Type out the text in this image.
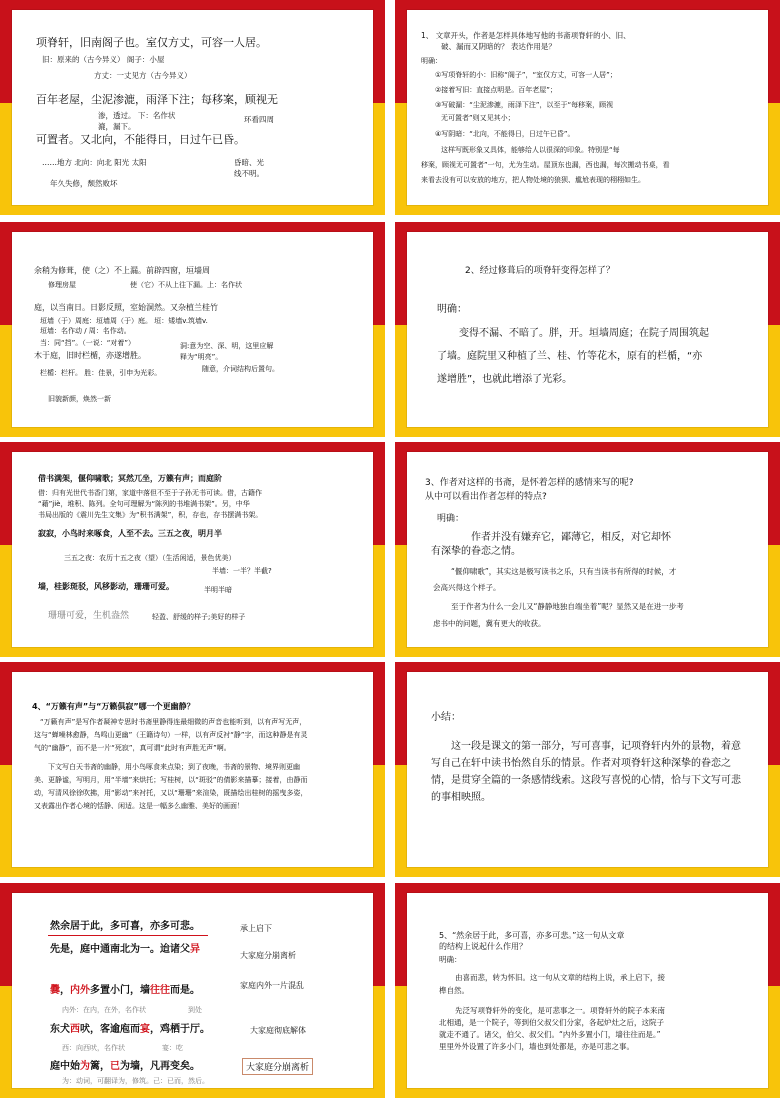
项脊轩，旧南阁子也。室仅方丈，可容一人居。
旧：原来的（古今异义） 阁子：小屋
方丈：一丈见方（古今异义）
百年老屋，尘泥渗漉，雨泽下注；每移案，顾视无
渗，透过。 下：名作状
漉，漏下。
环看四周
可置者。又北向，不能得日，日过午已昏。
……地方 北向：向北 阳光 太阳	昏暗、光
线不明。
年久失修，颓然败坏
1、 文章开头，作者是怎样具体地写他的书斋项脊轩的小、旧、
破、漏而又阴暗的？ 表达作用是？
明确：
①写项脊轩的小：旧称“阁子”，“室仅方丈，可容一人居”；
②接着写旧：直接点明是。百年老屋”；
③写破漏：“尘泥渗漉，雨泽下注”，以至于“每移案，顾视
无可置者”则又见其小；
④写阴暗：“北向，不能得日，日过午已昏”。
这样写既形象又具体，能够给人以很深的印象。特别是“每
移案，顾视无可置者”一句，尤为生动。屋顶东也漏，西也漏，每次搬动书桌，看
来看去没有可以安放的地方，把人物处境的狼狈、尴尬表现的栩栩如生。
余稍为修葺，使（之）不上漏。前辟四窗，垣墙周
修理房屋	使（它）不从上往下漏。上：名作状
庭，以当南日。日影反照，室始洞然。又杂植兰桂竹
垣墙（于）周庭：垣墙周（于）庭。 垣：矮墙v.筑墙v.
垣墙：名作动 / 周：名作动。
当：同“挡”。（一说：“对着”）	洞:意为空、深、明，这里应解
木于庭，旧时栏楯，亦遂增胜。	释为“明亮”。
栏楯：栏杆。 胜：佳景，引申为光彩。	随意，介词结构后置句。
旧貌新颜，焕然一新
2、经过修葺后的项脊轩变得怎样了？
明确：
变得不漏、不暗了。胖，开。垣墙周庭；在院子周围筑起
了墙。庭院里又种植了兰、桂、竹等花木，原有的栏楯，“亦
遂增胜”，也就此增添了光彩。
借书满架，偃仰啸歌；冥然兀坐，万籁有声；而庭阶
借：归有光世代书香门第，家道中落但不至于子孙无书可读。借，古籍作
“藉”jiè，堆积、陈列。全句可理解为“陈列的书堆满书架”。另，中华
书局出版的《震川先生文集》为“积书满架”，积，存也，存书摆满书架。
寂寂，小鸟时来啄食，人至不去。三五之夜，明月半
三五之夜：农历十五之夜（望）（生活闲适，景色优美）
半墙：一半？半截?
墙，桂影斑驳，风移影动，珊珊可爱。	半明半暗
珊珊可爱，生机盎然	轻盈、舒缓的样子;美好的样子
3、作者对这样的书斋，是怀着怎样的感情来写的呢?
从中可以看出作者怎样的特点?
明确：
作者并没有嫌弃它，鄙薄它，相反，对它却怀
有深挚的眷恋之情。
“偃仰啸歌”，其实这是极写读书之乐，只有当读书有所得的时候，才
会高兴得这个样子。
至于作者为什么一会儿又“静静地独自端坐着”呢？显然又是在进一步考
虑书中的问题，冀有更大的收获。
4、“万籁有声”与“万籁俱寂”哪一个更幽静？
“万籁有声”是写作者凝神专思时书斋里静得连最细微的声音也能听到，以有声写无声，
这与“蝉噪林愈静，鸟鸣山更幽”（王籍诗句）一样，以有声反衬“静”字，而这种静是有灵
气的“幽静”，而不是一片“死寂”，真可谓“此时有声胜无声”啊。
下文写白天书斋的幽静，用小鸟啄食来点染；到了夜晚，书斋的景物、境界则更幽
美、更静谧，写明月，用“半墙”来烘托；写桂树，以“斑驳”的倩影来描摹；接着，由静而
动，写清风徐徐吹拂，用“影动”来衬托，又以“珊珊”来渲染，既描绘出桂树的摇曳多姿，
又表露出作者心境的恬静、闲适。这是一幅多么幽雅、美好的画面！
小结：
这一段是课文的第一部分，写可喜事，记项脊轩内外的景物，着意写自己在轩中读书怡然自乐的情景。作者对项脊轩这种深挚的眷恋之情，是贯穿全篇的一条感情线索。这段写喜悦的心情，恰与下文写可悲的事相映照。
然余居于此，多可喜，亦多可悲。	承上启下
先是，庭中通南北为一。迨诸父异
大家庭分崩离析
爨，内外多置小门，墙往往而是。	家庭内外一片混乱
内外：在内，在外，名作状	到处
东犬西吠，客逾庖而宴，鸡栖于厅。	大家庭彻底解体
西：向西吠，名作状	宴：吃
庭中始为篱，已为墙，凡再变矣。	大家庭分崩离析
为：动词，可翻译为，修筑。己：已而，然后。
5、“然余居于此，多可喜，亦多可悲。”这一句从文章
的结构上说起什么作用？
明确：
由喜而悲，转为怀旧。这一句从文章的结构上说，承上启下，接
榫自然。
先泛写项脊轩外的变化，是可悲事之一。项脊轩外的院子本来南
北相通，是一个院子，等到伯父叔父们分家，各起炉灶之后，这院子
就走不通了。诸父，伯父、叔父们。“内外多置小门，墙往往而是。”
里里外外设置了许多小门，墙也到处都是，亦是可悲之事。
